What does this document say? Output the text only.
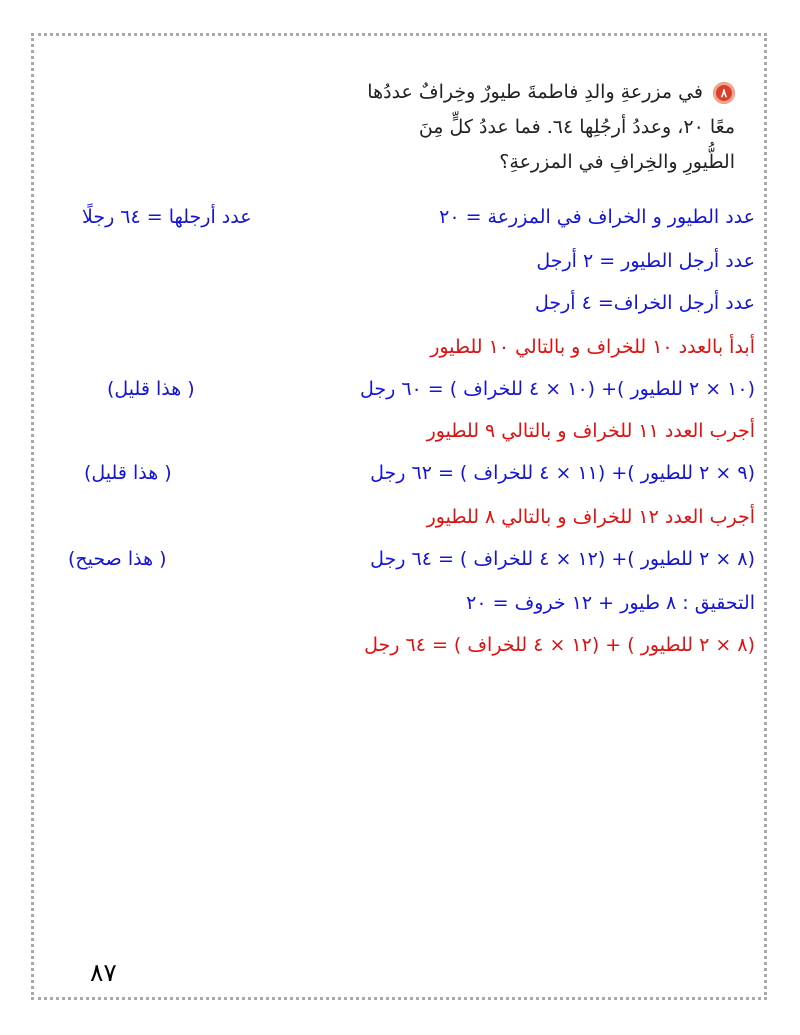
٨في مزرعةِ والدِ فاطمةَ طيورٌ وخِرافٌ عددُها
معًا ٢٠، وعددُ أرجُلِها ٦٤. فما عددُ كلٍّ مِنَ
الطُّيورِ والخِرافِ في المزرعةِ؟
عدد الطيور و الخراف في المزرعة = ٢٠
عدد أرجلها = ٦٤ رجلًا
عدد أرجل الطيور = ٢ أرجل
عدد أرجل الخراف= ٤ أرجل
أبدأ بالعدد ١٠ للخراف و بالتالي ١٠ للطيور
(١٠ × ٢ للطيور )+ (١٠ × ٤ للخراف ) = ٦٠ رجل
( هذا قليل)
أجرب العدد ١١ للخراف و بالتالي ٩ للطيور
(٩ × ٢ للطيور )+ (١١ × ٤ للخراف ) = ٦٢ رجل
( هذا قليل)
أجرب العدد ١٢ للخراف و بالتالي ٨ للطيور
(٨ × ٢ للطيور )+ (١٢ × ٤ للخراف ) = ٦٤ رجل
( هذا صحيح)
التحقيق : ٨ طيور + ١٢ خروف = ٢٠
(٨ × ٢ للطيور ) + (١٢ × ٤ للخراف ) = ٦٤ رجل
٨٧
